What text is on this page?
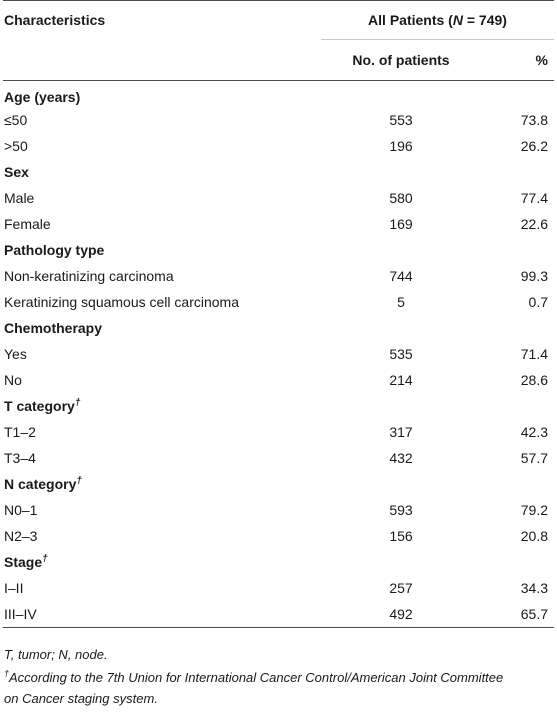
Characteristics	All Patients (N = 749)	
	No. of patients	%
Age (years)		
≤50	553	73.8
>50	196	26.2
Sex		
Male	580	77.4
Female	169	22.6
Pathology type		
Non-keratinizing carcinoma	744	99.3
Keratinizing squamous cell carcinoma	5	0.7
Chemotherapy		
Yes	535	71.4
No	214	28.6
T category†
T1–2	317	42.3
T3–4	432	57.7
N category†
N0–1	593	79.2
N2–3	156	20.8
Stage†
I–II	257	34.3
III–IV	492	65.7
T, tumor; N, node.
†According to the 7th Union for International Cancer Control/American Joint Committee
on Cancer staging system.
